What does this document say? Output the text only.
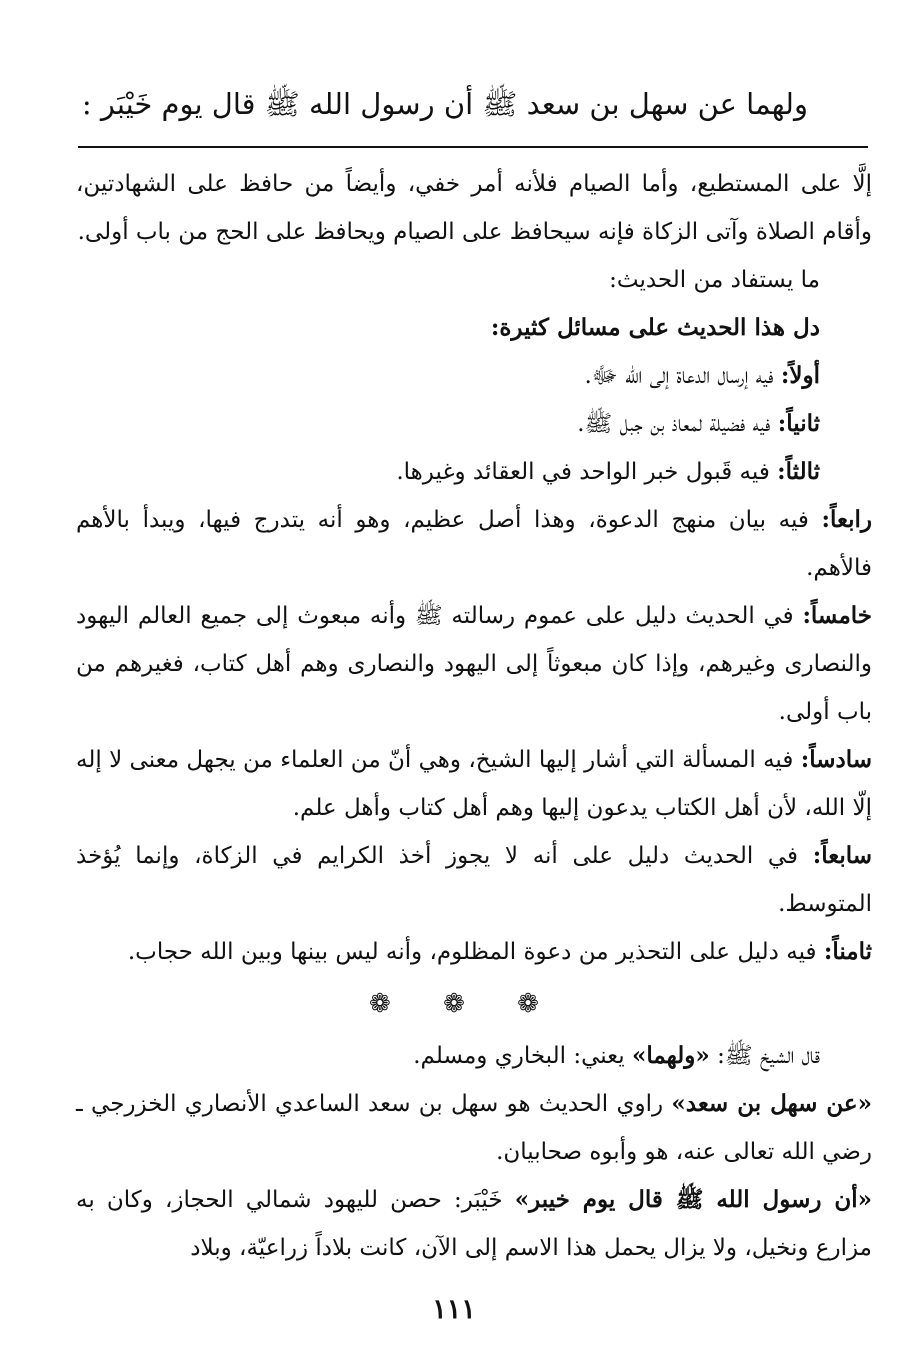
ولهما عن سهل بن سعد ﷺ أن رسول الله ﷺ قال يوم خَيْبَر :

إلَّا على المستطيع، وأما الصيام فلأنه أمر خفي، وأيضاً من حافظ على الشهادتين، وأقام الصلاة وآتى الزكاة فإنه سيحافظ على الصيام ويحافظ على الحج من باب أولى.

ما يستفاد من الحديث:

دل هذا الحديث على مسائل كثيرة:

أولاً: فيه إرسال الدعاة إلى الله ﷻ.

ثانياً: فيه فضيلة لمعاذ بن جبل ﷺ.

ثالثاً: فيه قَبول خبر الواحد في العقائد وغيرها.

رابعاً: فيه بيان منهج الدعوة، وهذا أصل عظيم، وهو أنه يتدرج فيها، ويبدأ بالأهم فالأهم.

خامساً: في الحديث دليل على عموم رسالته ﷺ وأنه مبعوث إلى جميع العالم اليهود والنصارى وغيرهم، وإذا كان مبعوثاً إلى اليهود والنصارى وهم أهل كتاب، فغيرهم من باب أولى.

سادساً: فيه المسألة التي أشار إليها الشيخ، وهي أنّ من العلماء من يجهل معنى لا إله إلّا الله، لأن أهل الكتاب يدعون إليها وهم أهل كتاب وأهل علم.

سابعاً: في الحديث دليل على أنه لا يجوز أخذ الكرايم في الزكاة، وإنما يُؤخذ المتوسط.

ثامناً: فيه دليل على التحذير من دعوة المظلوم، وأنه ليس بينها وبين الله حجاب.

❁ ❁ ❁

قال الشيخ ﷺ: «ولهما» يعني: البخاري ومسلم.

«عن سهل بن سعد» راوي الحديث هو سهل بن سعد الساعدي الأنصاري الخزرجي ـ رضي الله تعالى عنه، هو وأبوه صحابيان.

«أن رسول الله ﷺ قال يوم خيبر» خَيْبَر: حصن لليهود شمالي الحجاز، وكان به مزارع ونخيل، ولا يزال يحمل هذا الاسم إلى الآن، كانت بلاداً زراعيّة، وبلاد

١١١
